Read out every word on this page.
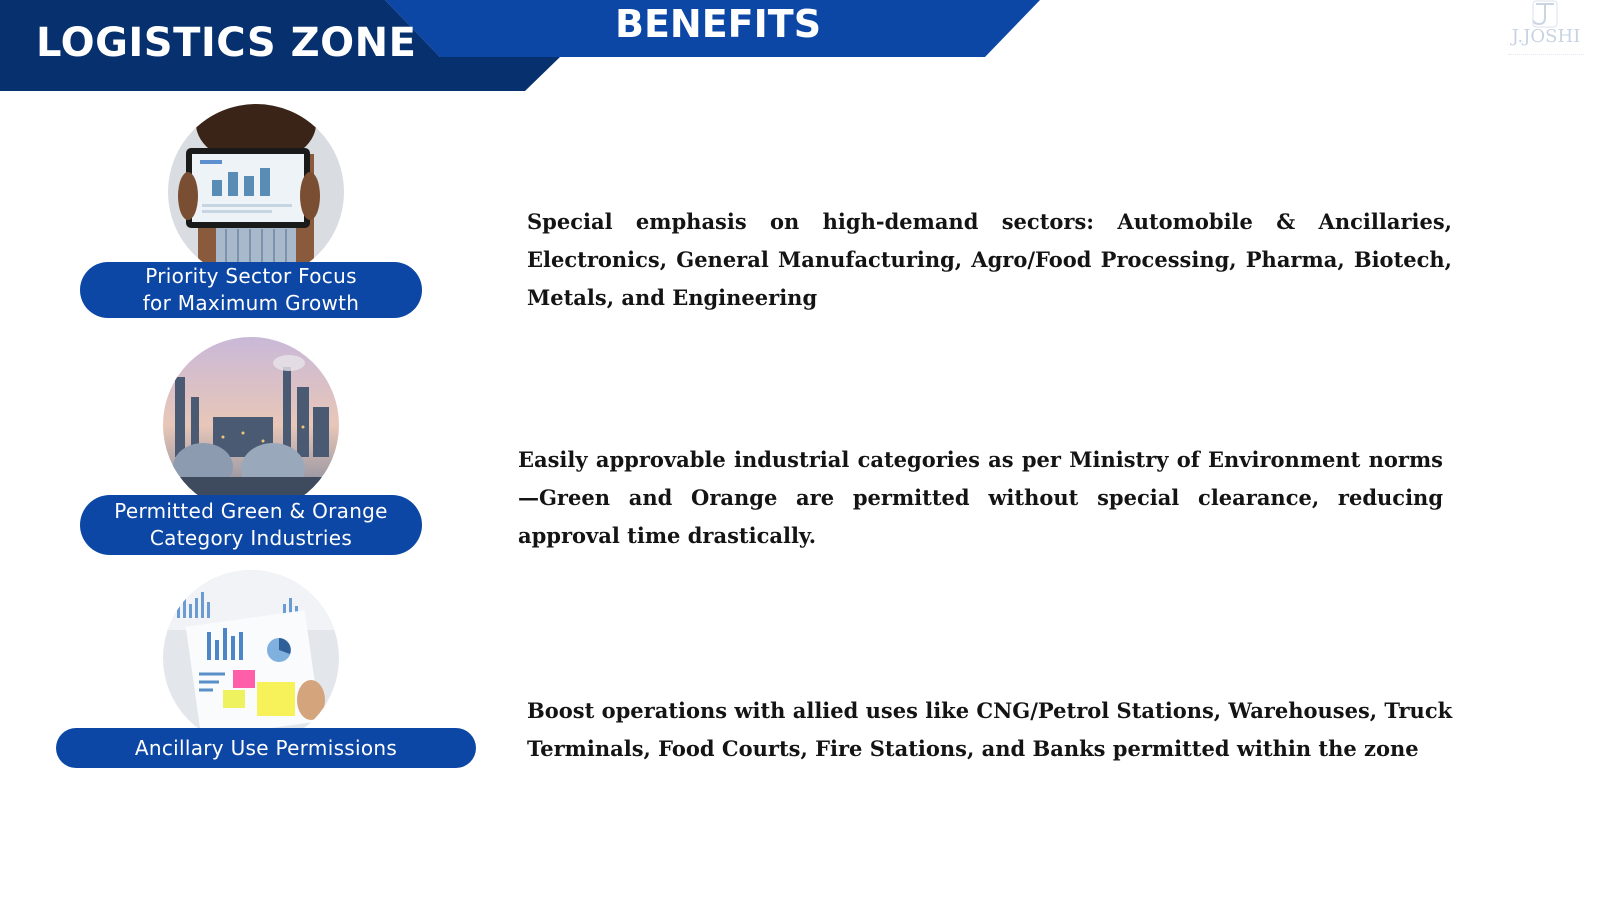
LOGISTICS ZONE	BENEFITS	J.JOSHI
Priority Sector Focus
for Maximum Growth
Special emphasis on high-demand sectors: Automobile & Ancillaries, Electronics, General Manufacturing, Agro/Food Processing, Pharma, Biotech, Metals, and Engineering
Permitted Green & Orange
Category Industries
Easily approvable industrial categories as per Ministry of Environment norms—Green and Orange are permitted without special clearance, reducing approval time drastically.
Ancillary Use Permissions
Boost operations with allied uses like CNG/Petrol Stations, Warehouses, Truck Terminals, Food Courts, Fire Stations, and Banks permitted within the zone
